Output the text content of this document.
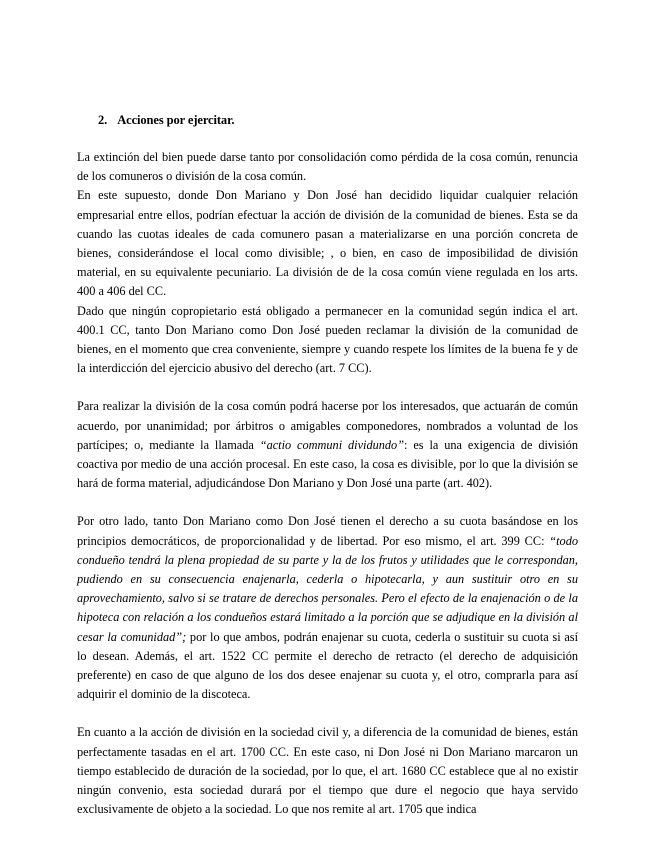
2. Acciones por ejercitar.

La extinción del bien puede darse tanto por consolidación como pérdida de la cosa común, renuncia de los comuneros o división de la cosa común.

En este supuesto, donde Don Mariano y Don José han decidido liquidar cualquier relación empresarial entre ellos, podrían efectuar la acción de división de la comunidad de bienes. Esta se da cuando las cuotas ideales de cada comunero pasan a materializarse en una porción concreta de bienes, considerándose el local como divisible; , o bien, en caso de imposibilidad de división material, en su equivalente pecuniario. La división de de la cosa común viene regulada en los arts. 400 a 406 del CC.

Dado que ningún copropietario está obligado a permanecer en la comunidad según indica el art. 400.1 CC, tanto Don Mariano como Don José pueden reclamar la división de la comunidad de bienes, en el momento que crea conveniente, siempre y cuando respete los límites de la buena fe y de la interdicción del ejercicio abusivo del derecho (art. 7 CC).

Para realizar la división de la cosa común podrá hacerse por los interesados, que actuarán de común acuerdo, por unanimidad; por árbitros o amigables componedores, nombrados a voluntad de los partícipes; o, mediante la llamada “actio communi dividundo”: es la una exigencia de división coactiva por medio de una acción procesal. En este caso, la cosa es divisible, por lo que la división se hará de forma material, adjudicándose Don Mariano y Don José una parte (art. 402).

Por otro lado, tanto Don Mariano como Don José tienen el derecho a su cuota basándose en los principios democráticos, de proporcionalidad y de libertad. Por eso mismo, el art. 399 CC: “todo condueño tendrá la plena propiedad de su parte y la de los frutos y utilidades que le correspondan, pudiendo en su consecuencia enajenarla, cederla o hipotecarla, y aun sustituir otro en su aprovechamiento, salvo si se tratare de derechos personales. Pero el efecto de la enajenación o de la hipoteca con relación a los condueños estará limitado a la porción que se adjudique en la división al cesar la comunidad”; por lo que ambos, podrán enajenar su cuota, cederla o sustituir su cuota si así lo desean. Además, el art. 1522 CC permite el derecho de retracto (el derecho de adquisición preferente) en caso de que alguno de los dos desee enajenar su cuota y, el otro, comprarla para así adquirir el dominio de la discoteca.

En cuanto a la acción de división en la sociedad civil y, a diferencia de la comunidad de bienes, están perfectamente tasadas en el art. 1700 CC. En este caso, ni Don José ni Don Mariano marcaron un tiempo establecido de duración de la sociedad, por lo que, el art. 1680 CC establece que al no existir ningún convenio, esta sociedad durará por el tiempo que dure el negocio que haya servido exclusivamente de objeto a la sociedad. Lo que nos remite al art. 1705 que indica
